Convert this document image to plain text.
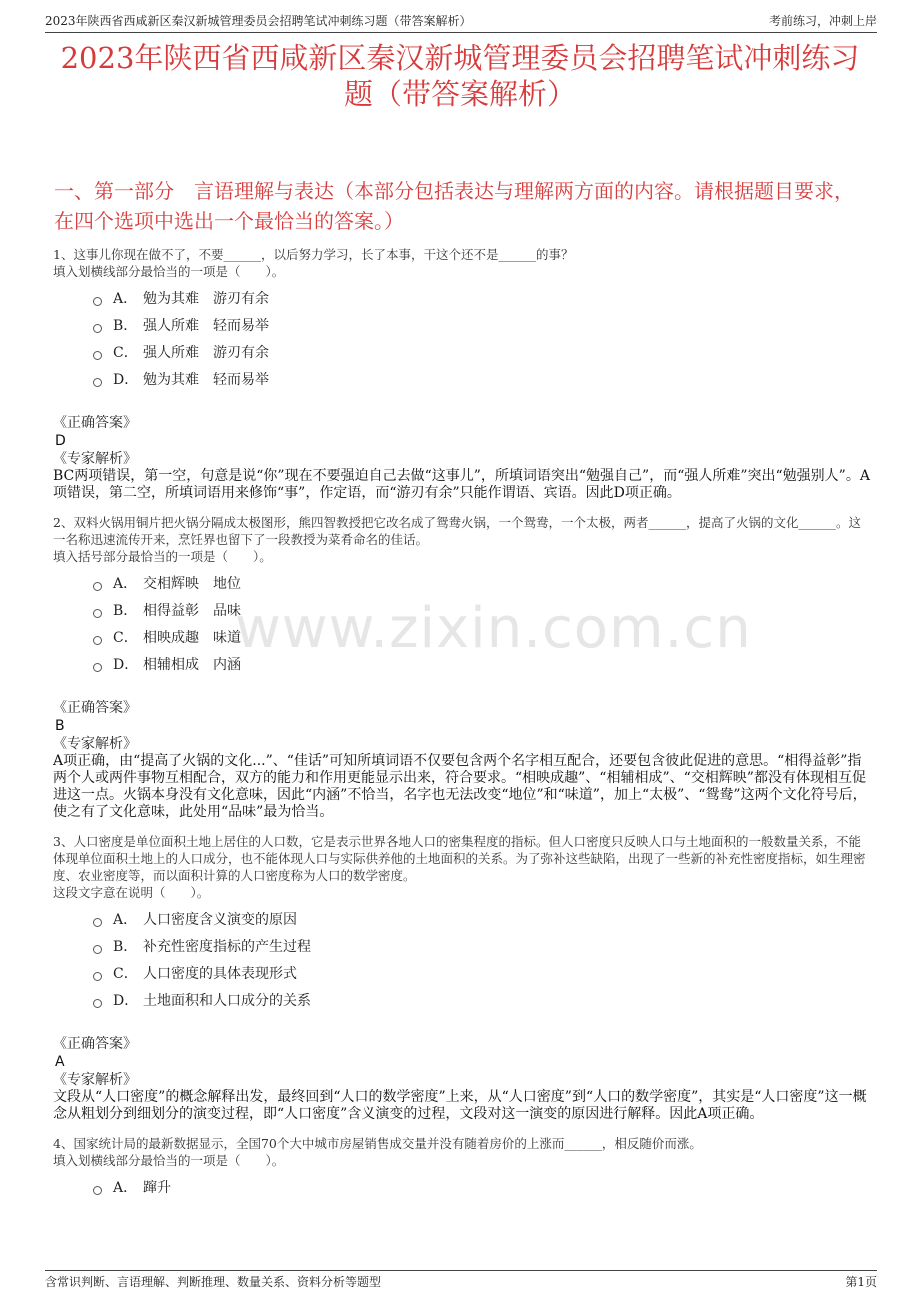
2023年陕西省西咸新区秦汉新城管理委员会招聘笔试冲刺练习题（带答案解析）	考前练习，冲刺上岸
2023年陕西省西咸新区秦汉新城管理委员会招聘笔试冲刺练习题（带答案解析）
一、第一部分　言语理解与表达（本部分包括表达与理解两方面的内容。请根据题目要求，在四个选项中选出一个最恰当的答案。）
www.zixin.com.cn
1、这事儿你现在做不了，不要______，以后努力学习，长了本事，干这个还不是______的事？
填入划横线部分最恰当的一项是（　　）。
A． 勉为其难　游刃有余
B． 强人所难　轻而易举
C． 强人所难　游刃有余
D． 勉为其难　轻而易举
《正确答案》
D
《专家解析》
BC两项错误，第一空，句意是说“你”现在不要强迫自己去做“这事儿”，所填词语突出“勉强自己”，而“强人所难”突出“勉强别人”。A项错误，第二空，所填词语用来修饰“事”，作定语，而“游刃有余”只能作谓语、宾语。因此D项正确。
2、双料火锅用铜片把火锅分隔成太极图形，熊四智教授把它改名成了鸳鸯火锅，一个鸳鸯，一个太极，两者______，提高了火锅的文化______。这一名称迅速流传开来，烹饪界也留下了一段教授为菜肴命名的佳话。
填入括号部分最恰当的一项是（　　）。
A． 交相辉映　地位
B． 相得益彰　品味
C． 相映成趣　味道
D． 相辅相成　内涵
《正确答案》
B
《专家解析》
A项正确，由“提高了火锅的文化...”、“佳话”可知所填词语不仅要包含两个名字相互配合，还要包含彼此促进的意思。“相得益彰”指两个人或两件事物互相配合，双方的能力和作用更能显示出来，符合要求。“相映成趣”、“相辅相成”、“交相辉映”都没有体现相互促进这一点。火锅本身没有文化意味，因此“内涵”不恰当，名字也无法改变“地位”和“味道”，加上“太极”、“鸳鸯”这两个文化符号后，使之有了文化意味，此处用“品味”最为恰当。
3、人口密度是单位面积土地上居住的人口数，它是表示世界各地人口的密集程度的指标。但人口密度只反映人口与土地面积的一般数量关系，不能体现单位面积土地上的人口成分，也不能体现人口与实际供养他的土地面积的关系。为了弥补这些缺陷，出现了一些新的补充性密度指标，如生理密度、农业密度等，而以面积计算的人口密度称为人口的数学密度。
这段文字意在说明（　　）。
A． 人口密度含义演变的原因
B． 补充性密度指标的产生过程
C． 人口密度的具体表现形式
D． 土地面积和人口成分的关系
《正确答案》
A
《专家解析》
文段从“人口密度”的概念解释出发，最终回到“人口的数学密度”上来，从“人口密度”到“人口的数学密度”，其实是“人口密度”这一概念从粗划分到细划分的演变过程，即“人口密度”含义演变的过程，文段对这一演变的原因进行解释。因此A项正确。
4、国家统计局的最新数据显示，全国70个大中城市房屋销售成交量并没有随着房价的上涨而______，相反随价而涨。
填入划横线部分最恰当的一项是（　　）。
A． 蹿升
含常识判断、言语理解、判断推理、数量关系、资料分析等题型	第1页
